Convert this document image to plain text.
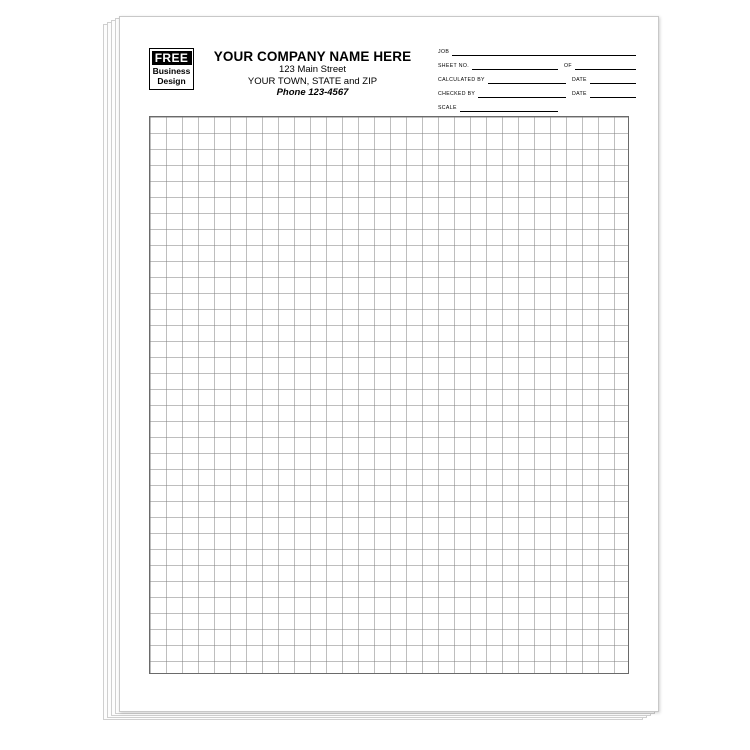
FREE
Business
Design
YOUR COMPANY NAME HERE
123 Main Street
YOUR TOWN, STATE and ZIP
Phone 123-4567
JOB
SHEET NO.	OF
CALCULATED BY	DATE
CHECKED BY	DATE
SCALE
